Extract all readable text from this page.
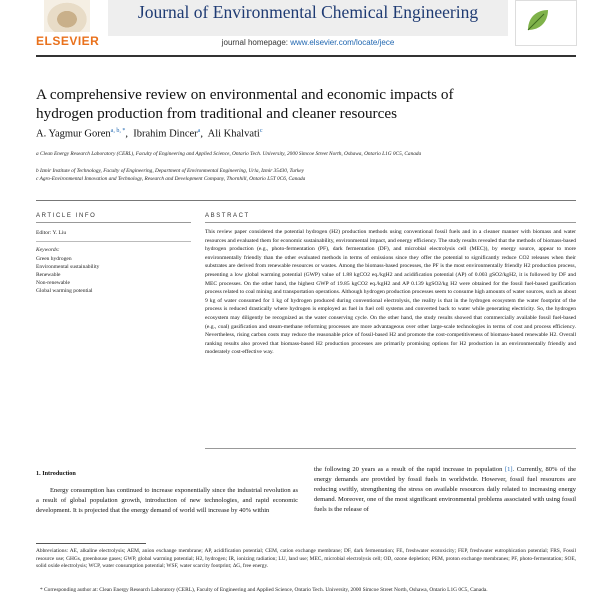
ELSEVIER
Journal of Environmental Chemical Engineering
journal homepage: www.elsevier.com/locate/jece
A comprehensive review on environmental and economic impacts of hydrogen production from traditional and cleaner resources
A. Yagmur Goren$^{a, b, *}$,  Ibrahim Dincer$^a$,  Ali Khalvati$^c$
a Clean Energy Research Laboratory (CERL), Faculty of Engineering and Applied Science, Ontario Tech. University, 2000 Simcoe Street North, Oshawa, Ontario L1G 0C5, Canada
b Izmir Institute of Technology, Faculty of Engineering, Department of Environmental Engineering, Urla, Izmir 35430, Turkey
c Agro-Environmental Innovation and Technology, Research and Development Company, Thornhill, Ontario L5T 0C6, Canada
ARTICLE INFO
Editor: Y. Liu
Keywords:
Green hydrogen
Environmental sustainability
Renewable
Non-renewable
Global warming potential
ABSTRACT
This review paper considered the potential hydrogen (H2) production methods using conventional fossil fuels and in a cleaner manner with biomass and water resources and evaluated them for economic sustainability, environmental impact, and energy efficiency. The study results revealed that the methods of biomass-based hydrogen production (e.g., photo-fermentation (PF), dark fermentation (DF), and microbial electrolysis cell (MEC)), by energy source, appear to more environmentally friendly than the other evaluated methods in terms of emissions since they offer the potential to significantly reduce CO2 releases when their substrates are derived from renewable resources or wastes. Among the biomass-based processes, the PF is the most environmentally friendly H2 production process, presenting a low global warming potential (GWP) value of 1.88 kgCO2 eq./kgH2 and acidification potential (AP) of 0.003 gSO2/kgH2, it is followed by DF and MEC processes. On the other hand, the highest GWP of 19.85 kgCO2 eq./kgH2 and AP 0.139 kgSO2/kg H2 were obtained for the fossil fuel-based gasification process related to coal mining and transportation operations. Although hydrogen production processes seem to consume high amounts of water sources, such as about 9 kg of water consumed for 1 kg of hydrogen produced during conventional electrolysis, the reality is that in the hydrogen ecosystem the water footprint of the process is reduced drastically where hydrogen is employed as fuel in fuel cell systems and converted back to water while generating electricity. So, the hydrogen ecosystem may diligently be recognized as the water conserving cycle. On the other hand, the study results showed that commercially available fossil fuel-based (e.g., coal) gasification and steam-methane reforming processes are more advantageous over other large-scale technologies in terms of cost and process efficiency. Nevertheless, rising carbon costs may reduce the reasonable price of fossil-based H2 and promote the cost-competitiveness of biomass-based renewable H2. Overall ranking results also proved that biomass-based H2 production processes are primarily promising options for H2 production in an environmentally friendly and moderately cost-effective way.
1. Introduction
Energy consumption has continued to increase exponentially since the industrial revolution as a result of global population growth, introduction of new technologies, and rapid economic development. It is projected that the energy demand of world will increase by 40% within
the following 20 years as a result of the rapid increase in population [1]. Currently, 80% of the energy demands are provided by fossil fuels in worldwide. However, fossil fuel resources are reducing swiftly, strengthening the stress on available resources daily related to increasing energy demand. Moreover, one of the most significant environmental problems associated with using fossil fuels is the release of
Abbreviations: AE, alkaline electrolysis; AEM, anion exchange membrane; AP, acidification potential; CEM, cation exchange membrane; DF, dark fermentation; FE, freshwater ecotoxicity; FEP, freshwater eutrophication potential; FRS, Fossil resource use; GHGs, greenhouse gases; GWP, global warming potential; H2, hydrogen; IR, ionizing radiation; LU, land use; MEC, microbial electrolysis cell; OD, ozone depletion; PEM, proton exchange membranes; PF, photo-fermentation; SOE, solid oxide electrolysis; WCP, water consumption potential; WSF, water scarcity footprint; ΔG, free energy.
* Corresponding author at: Clean Energy Research Laboratory (CERL), Faculty of Engineering and Applied Science, Ontario Tech. University, 2000 Simcoe Street North, Oshawa, Ontario L1G 0C5, Canada.
